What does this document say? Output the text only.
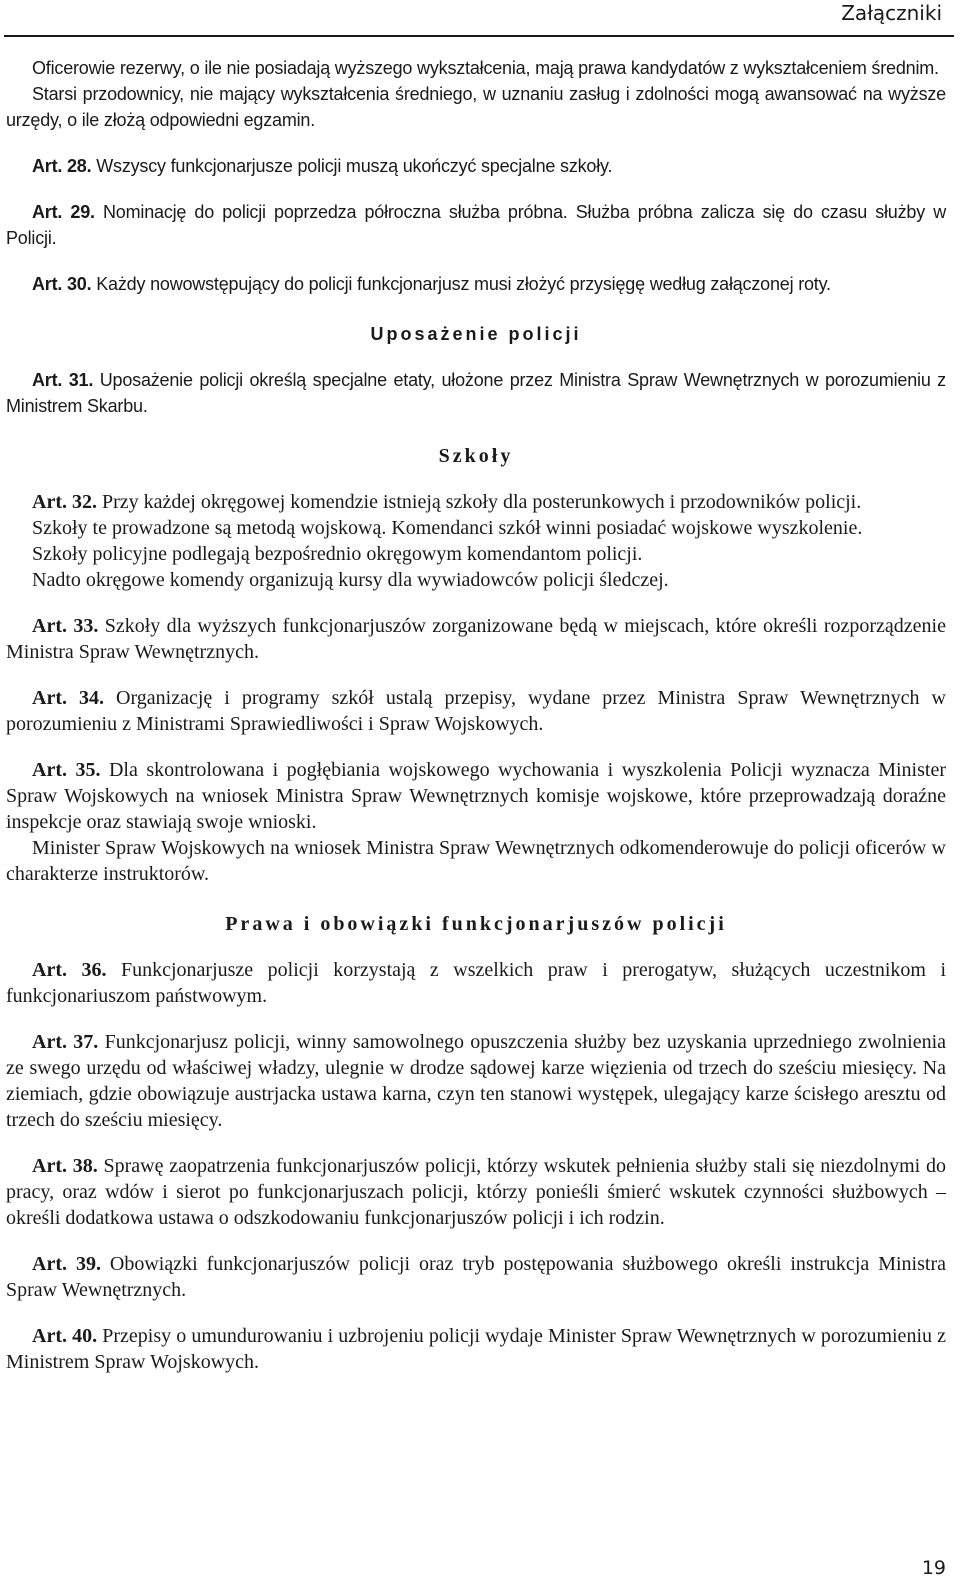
Załączniki

Oficerowie rezerwy, o ile nie posiadają wyższego wykształcenia, mają prawa kandydatów z wykształceniem średnim.

Starsi przodownicy, nie mający wykształcenia średniego, w uznaniu zasług i zdolności mogą awansować na wyższe urzędy, o ile złożą odpowiedni egzamin.

Art. 28. Wszyscy funkcjonarjusze policji muszą ukończyć specjalne szkoły.

Art. 29. Nominację do policji poprzedza półroczna służba próbna. Służba próbna zalicza się do czasu służby w Policji.

Art. 30. Każdy nowowstępujący do policji funkcjonarjusz musi złożyć przysięgę według załączonej roty.

Uposażenie policji

Art. 31. Uposażenie policji określą specjalne etaty, ułożone przez Ministra Spraw Wewnętrznych w porozumieniu z Ministrem Skarbu.

Szkoły

Art. 32. Przy każdej okręgowej komendzie istnieją szkoły dla posterunkowych i przodowników policji.

Szkoły te prowadzone są metodą wojskową. Komendanci szkół winni posiadać wojskowe wyszkolenie.

Szkoły policyjne podlegają bezpośrednio okręgowym komendantom policji.

Nadto okręgowe komendy organizują kursy dla wywiadowców policji śledczej.

Art. 33. Szkoły dla wyższych funkcjonarjuszów zorganizowane będą w miejscach, które określi rozporządzenie Ministra Spraw Wewnętrznych.

Art. 34. Organizację i programy szkół ustalą przepisy, wydane przez Ministra Spraw Wewnętrznych w porozumieniu z Ministrami Sprawiedliwości i Spraw Wojskowych.

Art. 35. Dla skontrolowana i pogłębiania wojskowego wychowania i wyszkolenia Policji wyznacza Minister Spraw Wojskowych na wniosek Ministra Spraw Wewnętrznych komisje wojskowe, które przeprowadzają doraźne inspekcje oraz stawiają swoje wnioski.

Minister Spraw Wojskowych na wniosek Ministra Spraw Wewnętrznych odkomenderowuje do policji oficerów w charakterze instruktorów.

Prawa i obowiązki funkcjonarjuszów policji

Art. 36. Funkcjonarjusze policji korzystają z wszelkich praw i prerogatyw, służących uczestnikom i funkcjonariuszom państwowym.

Art. 37. Funkcjonarjusz policji, winny samowolnego opuszczenia służby bez uzyskania uprzedniego zwolnienia ze swego urzędu od właściwej władzy, ulegnie w drodze sądowej karze więzienia od trzech do sześciu miesięcy. Na ziemiach, gdzie obowiązuje austrjacka ustawa karna, czyn ten stanowi występek, ulegający karze ścisłego aresztu od trzech do sześciu miesięcy.

Art. 38. Sprawę zaopatrzenia funkcjonarjuszów policji, którzy wskutek pełnienia służby stali się niezdolnymi do pracy, oraz wdów i sierot po funkcjonarjuszach policji, którzy ponieśli śmierć wskutek czynności służbowych – określi dodatkowa ustawa o odszkodowaniu funkcjonarjuszów policji i ich rodzin.

Art. 39. Obowiązki funkcjonarjuszów policji oraz tryb postępowania służbowego określi instrukcja Ministra Spraw Wewnętrznych.

Art. 40. Przepisy o umundurowaniu i uzbrojeniu policji wydaje Minister Spraw Wewnętrznych w porozumieniu z Ministrem Spraw Wojskowych.

19
